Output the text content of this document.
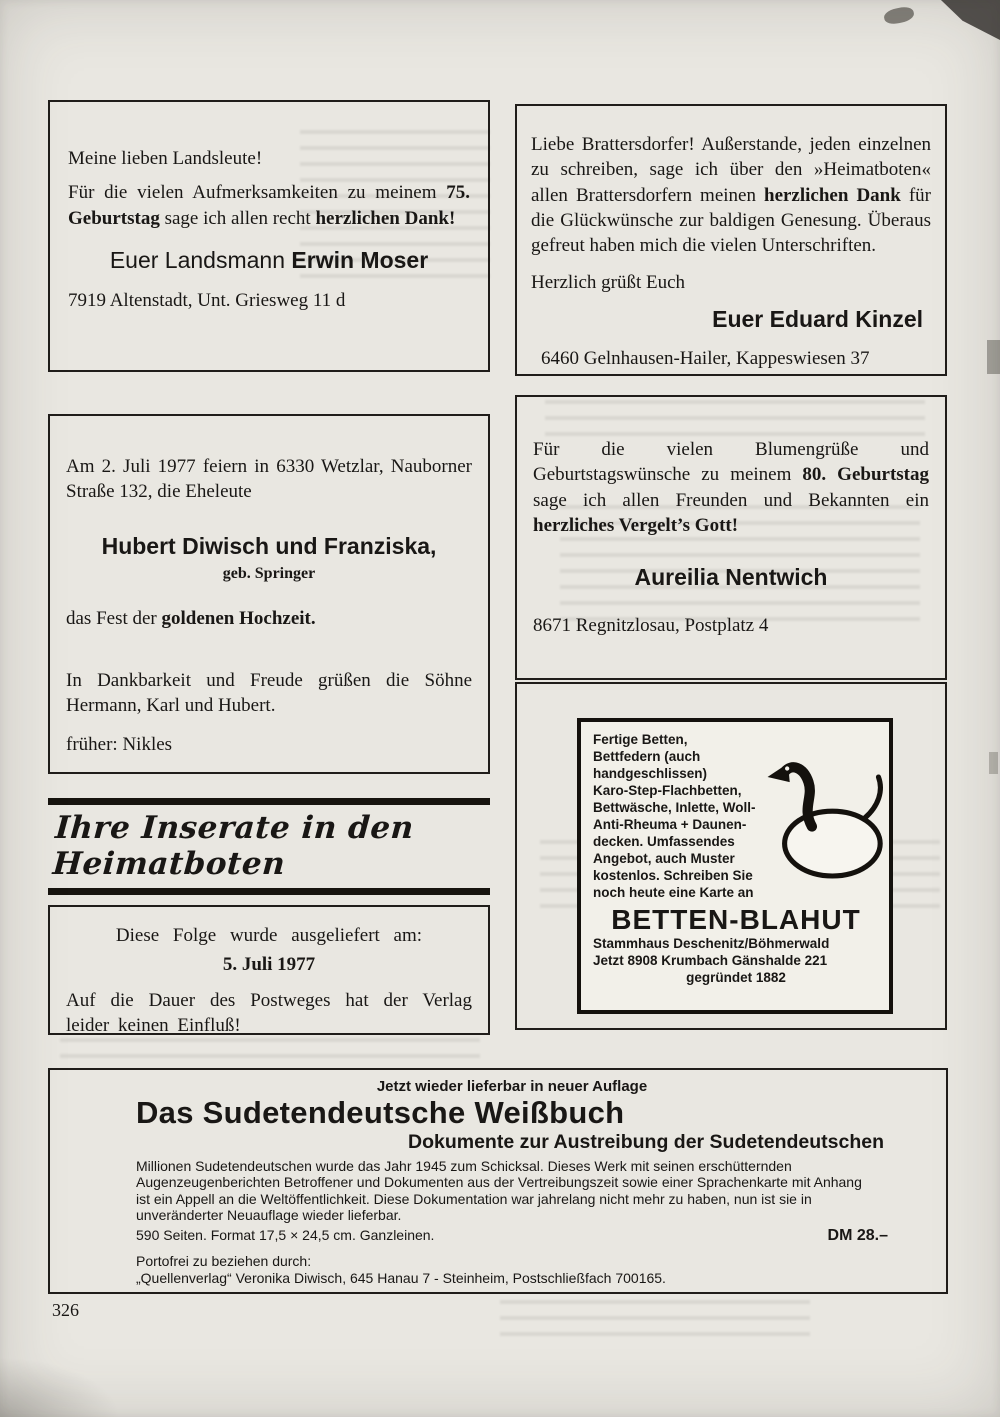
Meine lieben Landsleute!

Für die vielen Aufmerksamkeiten zu meinem 75. Geburtstag sage ich allen recht herzlichen Dank!

Euer Landsmann Erwin Moser

7919 Altenstadt, Unt. Griesweg 11 d

Liebe Brattersdorfer! Außerstande, jeden einzelnen zu schreiben, sage ich über den »Heimatboten« allen Brattersdorfern meinen herzlichen Dank für die Glückwünsche zur baldigen Genesung. Überaus gefreut haben mich die vielen Unterschriften.

Herzlich grüßt Euch

Euer Eduard Kinzel

6460 Gelnhausen-Hailer, Kappeswiesen 37

Am 2. Juli 1977 feiern in 6330 Wetzlar, Nauborner Straße 132, die Eheleute

Hubert Diwisch und Franziska,

geb. Springer

das Fest der goldenen Hochzeit.

In Dankbarkeit und Freude grüßen die Söhne Hermann, Karl und Hubert.

früher: Nikles

Für die vielen Blumengrüße und Geburtstagswünsche zu meinem 80. Geburtstag sage ich allen Freunden und Bekannten ein herzliches Vergelt’s Gott!

Aureilia Nentwich

8671 Regnitzlosau, Postplatz 4

Ihre Inserate in den Heimatboten

Diese Folge wurde ausgeliefert am:

5. Juli 1977

Auf die Dauer des Postweges hat der Verlag leider keinen Einfluß!

Fertige Betten,
Bettfedern (auch
handgeschlissen)
Karo-Step-Flachbetten,
Bettwäsche, Inlette, Woll-
Anti-Rheuma + Daunen-
decken. Umfassendes
Angebot, auch Muster
kostenlos. Schreiben Sie
noch heute eine Karte an
BETTEN-BLAHUT
Stammhaus Deschenitz/Böhmerwald
Jetzt 8908 Krumbach Gänshalde 221
gegründet 1882
Jetzt wieder lieferbar in neuer Auflage
Das Sudetendeutsche Weißbuch
Dokumente zur Austreibung der Sudetendeutschen
Millionen Sudetendeutschen wurde das Jahr 1945 zum Schicksal. Dieses Werk mit seinen erschütternden Augenzeugenberichten Betroffener und Dokumenten aus der Vertreibungszeit sowie einer Sprachenkarte mit Anhang ist ein Appell an die Weltöffentlichkeit. Diese Dokumentation war jahrelang nicht mehr zu haben, nun ist sie in unveränderter Neuauflage wieder lieferbar.
590 Seiten. Format 17,5 × 24,5 cm. Ganzleinen.	DM 28.–
Portofrei zu beziehen durch:
„Quellenverlag“ Veronika Diwisch, 645 Hanau 7 - Steinheim, Postschließfach 700165.
326
